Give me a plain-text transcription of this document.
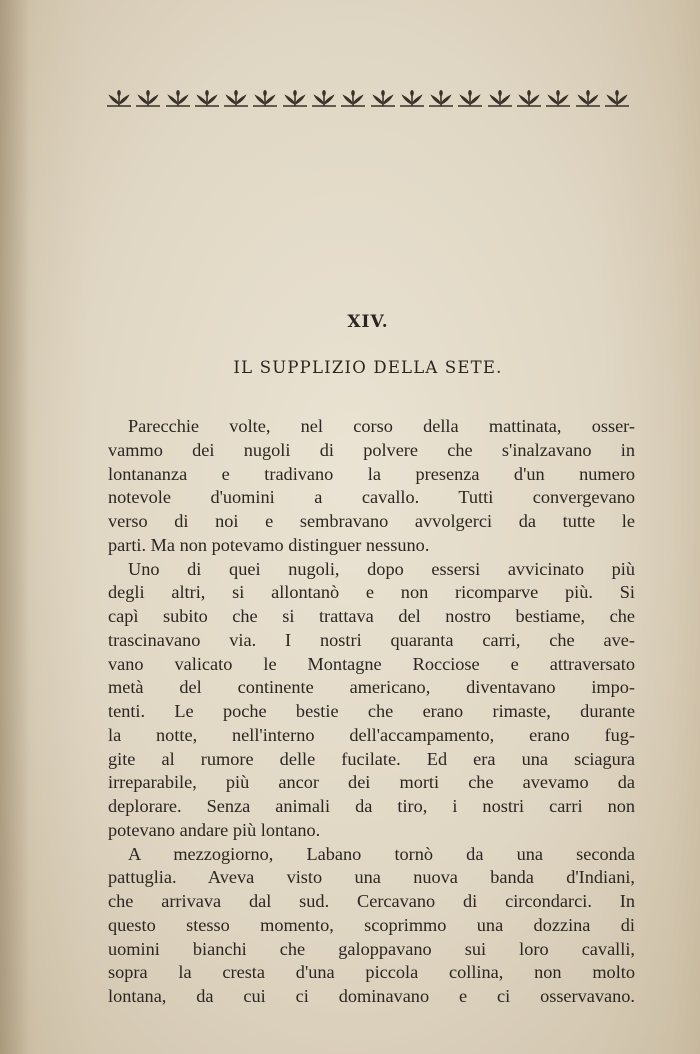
XIV.
IL SUPPLIZIO DELLA SETE.
Parecchie volte, nel corso della mattinata, osser-
vammo dei nugoli di polvere che s'inalzavano in
lontananza e tradivano la presenza d'un numero
notevole d'uomini a cavallo. Tutti convergevano
verso di noi e sembravano avvolgerci da tutte le
parti. Ma non potevamo distinguer nessuno.
Uno di quei nugoli, dopo essersi avvicinato più
degli altri, si allontanò e non ricomparve più. Si
capì subito che si trattava del nostro bestiame, che
trascinavano via. I nostri quaranta carri, che ave-
vano valicato le Montagne Rocciose e attraversato
metà del continente americano, diventavano impo-
tenti. Le poche bestie che erano rimaste, durante
la notte, nell'interno dell'accampamento, erano fug-
gite al rumore delle fucilate. Ed era una sciagura
irreparabile, più ancor dei morti che avevamo da
deplorare. Senza animali da tiro, i nostri carri non
potevano andare più lontano.
A mezzogiorno, Labano tornò da una seconda
pattuglia. Aveva visto una nuova banda d'Indiani,
che arrivava dal sud. Cercavano di circondarci. In
questo stesso momento, scoprimmo una dozzina di
uomini bianchi che galoppavano sui loro cavalli,
sopra la cresta d'una piccola collina, non molto
lontana, da cui ci dominavano e ci osservavano.
